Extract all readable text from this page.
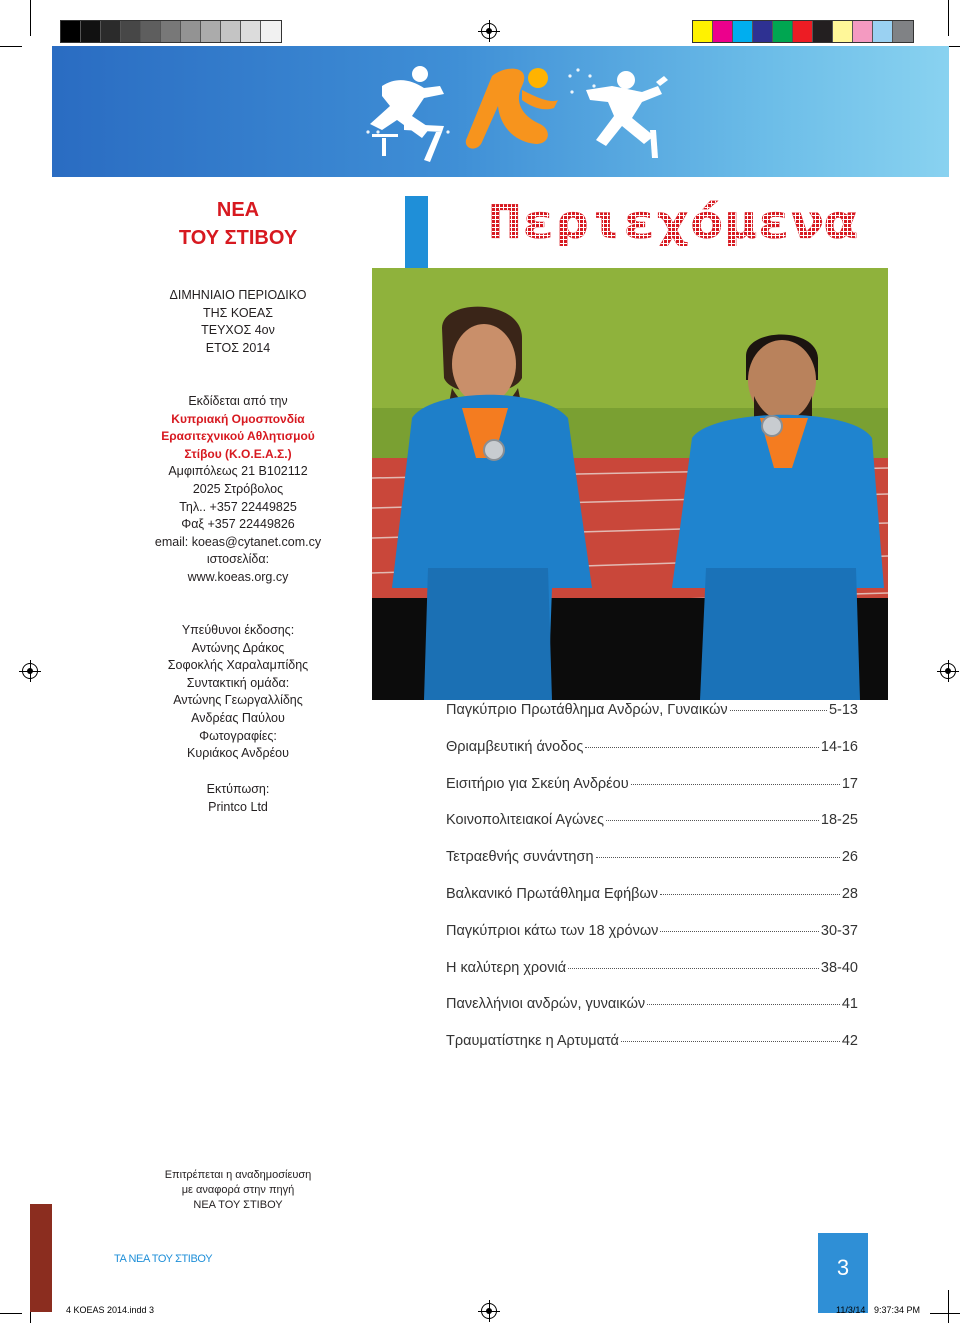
ΝΕΑ
ΤΟΥ ΣΤΙΒΟΥ
ΔΙΜΗΝΙΑΙΟ ΠΕΡΙΟΔΙΚΟ
ΤΗΣ ΚΟΕΑΣ
ΤΕΥΧΟΣ 4ον
ΕΤΟΣ 2014
Εκδίδεται από την
Κυπριακή Ομοσπονδία
Ερασιτεχνικού Αθλητισμού
Στίβου (Κ.Ο.Ε.Α.Σ.)
Αμφιπόλεως 21 Β102112
2025 Στρόβολος
Τηλ.. +357 22449825
Φαξ +357 22449826
email: koeas@cytanet.com.cy
ιστοσελίδα:
www.koeas.org.cy
Υπεύθυνοι έκδοσης:
Αντώνης Δράκος
Σοφοκλής Χαραλαμπίδης
Συντακτική ομάδα:
Αντώνης Γεωργαλλίδης
Ανδρέας Παύλου
Φωτογραφίες:
Κυριάκος Ανδρέου
Εκτύπωση:
Printco Ltd
Περιεχόμενα
Παγκύπριο Πρωτάθλημα Ανδρών, Γυναικών	5-13
Θριαμβευτική άνοδος	14-16
Εισιτήριο για Σκεύη Ανδρέου	17
Κοινοπολιτειακοί Αγώνες	18-25
Τετραεθνής συνάντηση	26
Βαλκανικό Πρωτάθλημα Εφήβων	28
Παγκύπριοι κάτω των 18 χρόνων	30-37
Η καλύτερη χρονιά	38-40
Πανελλήνιοι ανδρών, γυναικών	41
Τραυματίστηκε η Αρτυματά	42
Επιτρέπεται η αναδημοσίευση
με αναφορά στην πηγή
ΝΕΑ ΤΟΥ ΣΤΙΒΟΥ
ΤΑ ΝΕΑ ΤΟΥ ΣΤΙΒΟΥ	3
4 KOEAS 2014.indd 3	11/3/14 9:37:34 PM
